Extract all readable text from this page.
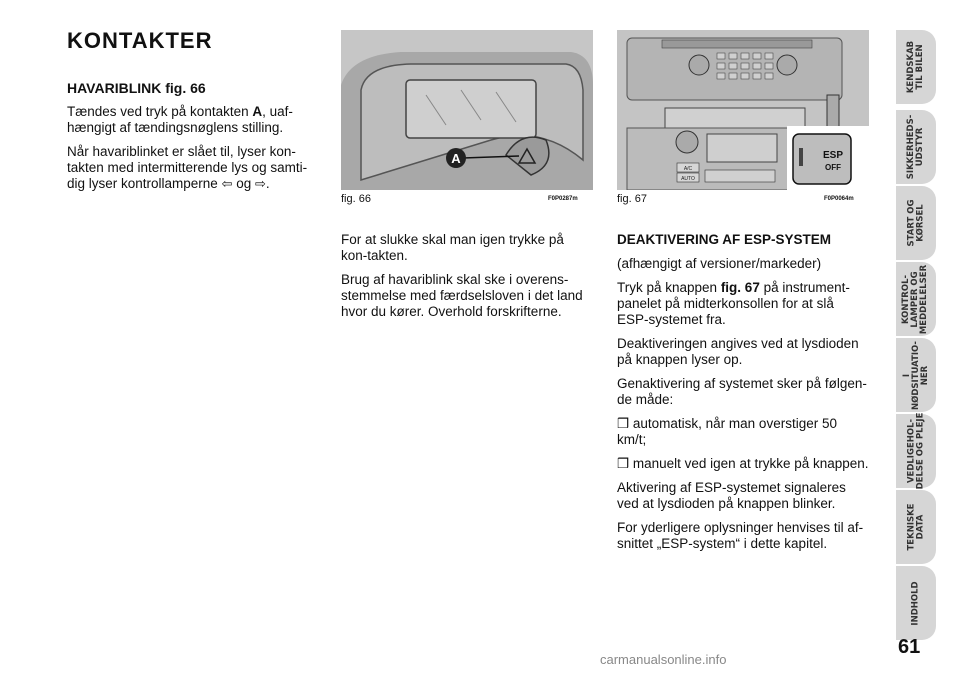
KONTAKTER

HAVARIBLINK fig. 66

Tændes ved tryk på kontakten A, uaf-hængigt af tændingsnøglens stilling.

Når havariblinket er slået til, lyser kon-takten med intermitterende lys og samti-dig lyser kontrollamperne ⇦ og ⇨.

A
fig. 66	F0P0287m

For at slukke skal man igen trykke på kon-takten.

Brug af havariblink skal ske i overens-stemmelse med færdselsloven i det land hvor du kører. Overhold forskrifterne.

A/C
AUTO
ESP
OFF
fig. 67	F0P0064m

DEAKTIVERING AF ESP-SYSTEM

(afhængigt af versioner/markeder)

Tryk på knappen fig. 67 på instrument-panelet på midterkonsollen for at slå ESP-systemet fra.

Deaktiveringen angives ved at lysdioden på knappen lyser op.

Genaktivering af systemet sker på følgen-de måde:

❒ automatisk, når man overstiger 50 km/t;

❒ manuelt ved igen at trykke på knappen.

Aktivering af ESP-systemet signaleres ved at lysdioden på knappen blinker.

For yderligere oplysninger henvises til af-snittet „ESP-system“ i dette kapitel.

KENDSKAB
TIL BILEN
SIKKERHEDS-
UDSTYR
START OG
KØRSEL
KONTROL-
LAMPER OG
MEDDELELSER
I
NØDSITUATIO-
NER
VEDLIGEHOL-
DELSE OG PLEJE
TEKNISKE
DATA
INDHOLD
61
carmanualsonline.info
